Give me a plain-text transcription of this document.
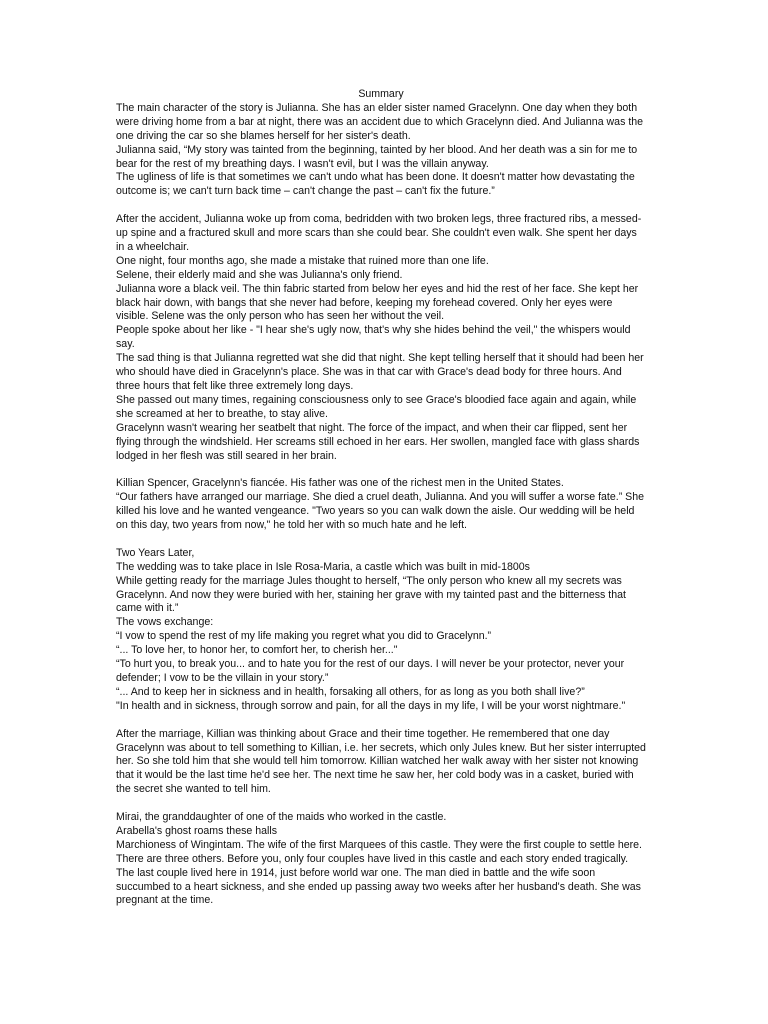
Summary

The main character of the story is Julianna. She has an elder sister named Gracelynn. One day when they both were driving home from a bar at night, there was an accident due to which Gracelynn died. And Julianna was the one driving the car so she blames herself for her sister's death.

Julianna said, “My story was tainted from the beginning, tainted by her blood. And her death was a sin for me to bear for the rest of my breathing days. I wasn't evil, but I was the villain anyway.

The ugliness of life is that sometimes we can't undo what has been done. It doesn't matter how devastating the outcome is; we can't turn back time – can't change the past – can't fix the future.”

After the accident, Julianna woke up from coma, bedridden with two broken legs, three fractured ribs, a messed-up spine and a fractured skull and more scars than she could bear. She couldn't even walk. She spent her days in a wheelchair.

One night, four months ago, she made a mistake that ruined more than one life.

Selene, their elderly maid and she was Julianna's only friend.

Julianna wore a black veil. The thin fabric started from below her eyes and hid the rest of her face. She kept her black hair down, with bangs that she never had before, keeping my forehead covered. Only her eyes were visible. Selene was the only person who has seen her without the veil.

People spoke about her like - "I hear she's ugly now, that's why she hides behind the veil," the whispers would say.

The sad thing is that Julianna regretted wat she did that night. She kept telling herself that it should had been her who should have died in Gracelynn's place. She was in that car with Grace's dead body for three hours. And three hours that felt like three extremely long days.

She passed out many times, regaining consciousness only to see Grace's bloodied face again and again, while she screamed at her to breathe, to stay alive.

Gracelynn wasn't wearing her seatbelt that night. The force of the impact, and when their car flipped, sent her flying through the windshield. Her screams still echoed in her ears. Her swollen, mangled face with glass shards lodged in her flesh was still seared in her brain.

Killian Spencer, Gracelynn's fiancée. His father was one of the richest men in the United States.

“Our fathers have arranged our marriage. She died a cruel death, Julianna. And you will suffer a worse fate.” She killed his love and he wanted vengeance. "Two years so you can walk down the aisle. Our wedding will be held on this day, two years from now," he told her with so much hate and he left.

Two Years Later,

The wedding was to take place in Isle Rosa-Maria, a castle which was built in mid-1800s

While getting ready for the marriage Jules thought to herself, “The only person who knew all my secrets was Gracelynn. And now they were buried with her, staining her grave with my tainted past and the bitterness that came with it.”

The vows exchange:

“I vow to spend the rest of my life making you regret what you did to Gracelynn.”

“... To love her, to honor her, to comfort her, to cherish her..."

“To hurt you, to break you... and to hate you for the rest of our days. I will never be your protector, never your defender; I vow to be the villain in your story.”

“... And to keep her in sickness and in health, forsaking all others, for as long as you both shall live?”

"In health and in sickness, through sorrow and pain, for all the days in my life, I will be your worst nightmare."

After the marriage, Killian was thinking about Grace and their time together. He remembered that one day Gracelynn was about to tell something to Killian, i.e. her secrets, which only Jules knew. But her sister interrupted her. So she told him that she would tell him tomorrow. Killian watched her walk away with her sister not knowing that it would be the last time he'd see her. The next time he saw her, her cold body was in a casket, buried with the secret she wanted to tell him.

Mirai, the granddaughter of one of the maids who worked in the castle.

Arabella's ghost roams these halls

Marchioness of Wingintam. The wife of the first Marquees of this castle. They were the first couple to settle here. There are three others. Before you, only four couples have lived in this castle and each story ended tragically. The last couple lived here in 1914, just before world war one. The man died in battle and the wife soon succumbed to a heart sickness, and she ended up passing away two weeks after her husband's death. She was pregnant at the time.
